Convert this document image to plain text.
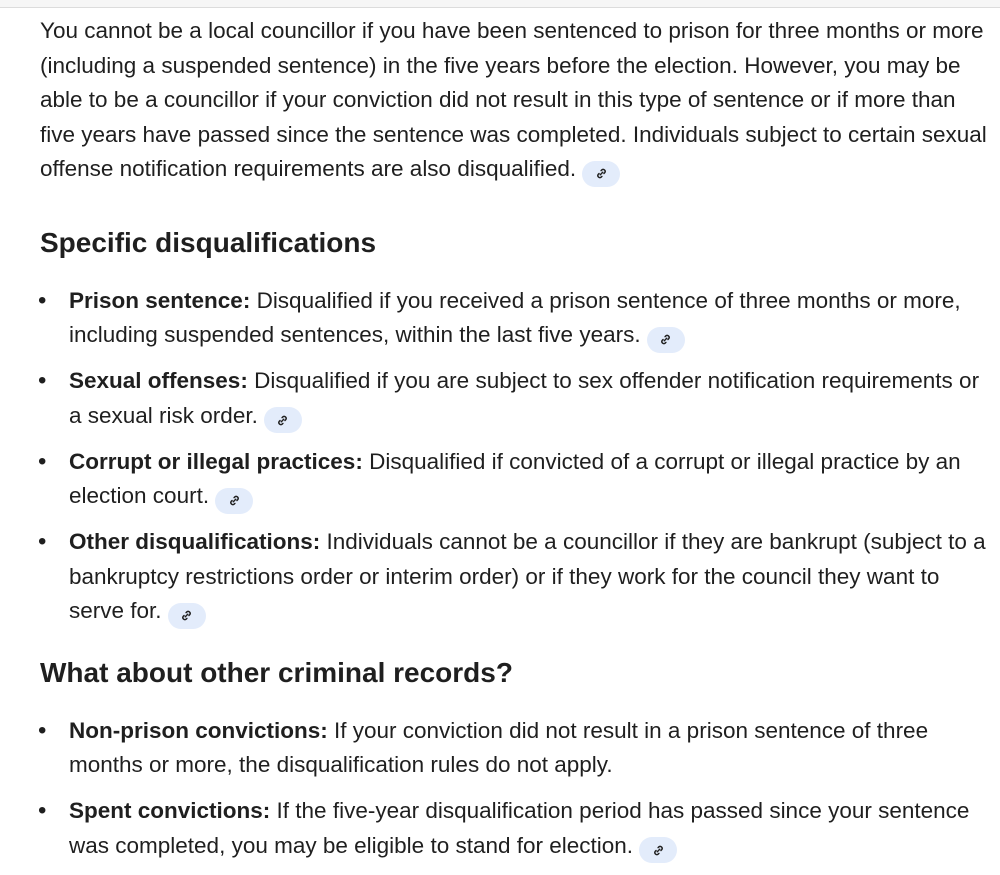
You cannot be a local councillor if you have been sentenced to prison for three months or more (including a suspended sentence) in the five years before the election. However, you may be able to be a councillor if your conviction did not result in this type of sentence or if more than five years have passed since the sentence was completed. Individuals subject to certain sexual offense notification requirements are also disqualified.

Specific disqualifications
• Prison sentence: Disqualified if you received a prison sentence of three months or more, including suspended sentences, within the last five years.
• Sexual offenses: Disqualified if you are subject to sex offender notification requirements or a sexual risk order.
• Corrupt or illegal practices: Disqualified if convicted of a corrupt or illegal practice by an election court.
• Other disqualifications: Individuals cannot be a councillor if they are bankrupt (subject to a bankruptcy restrictions order or interim order) or if they work for the council they want to serve for.
What about other criminal records?
• Non-prison convictions: If your conviction did not result in a prison sentence of three months or more, the disqualification rules do not apply.
• Spent convictions: If the five-year disqualification period has passed since your sentence was completed, you may be eligible to stand for election.
